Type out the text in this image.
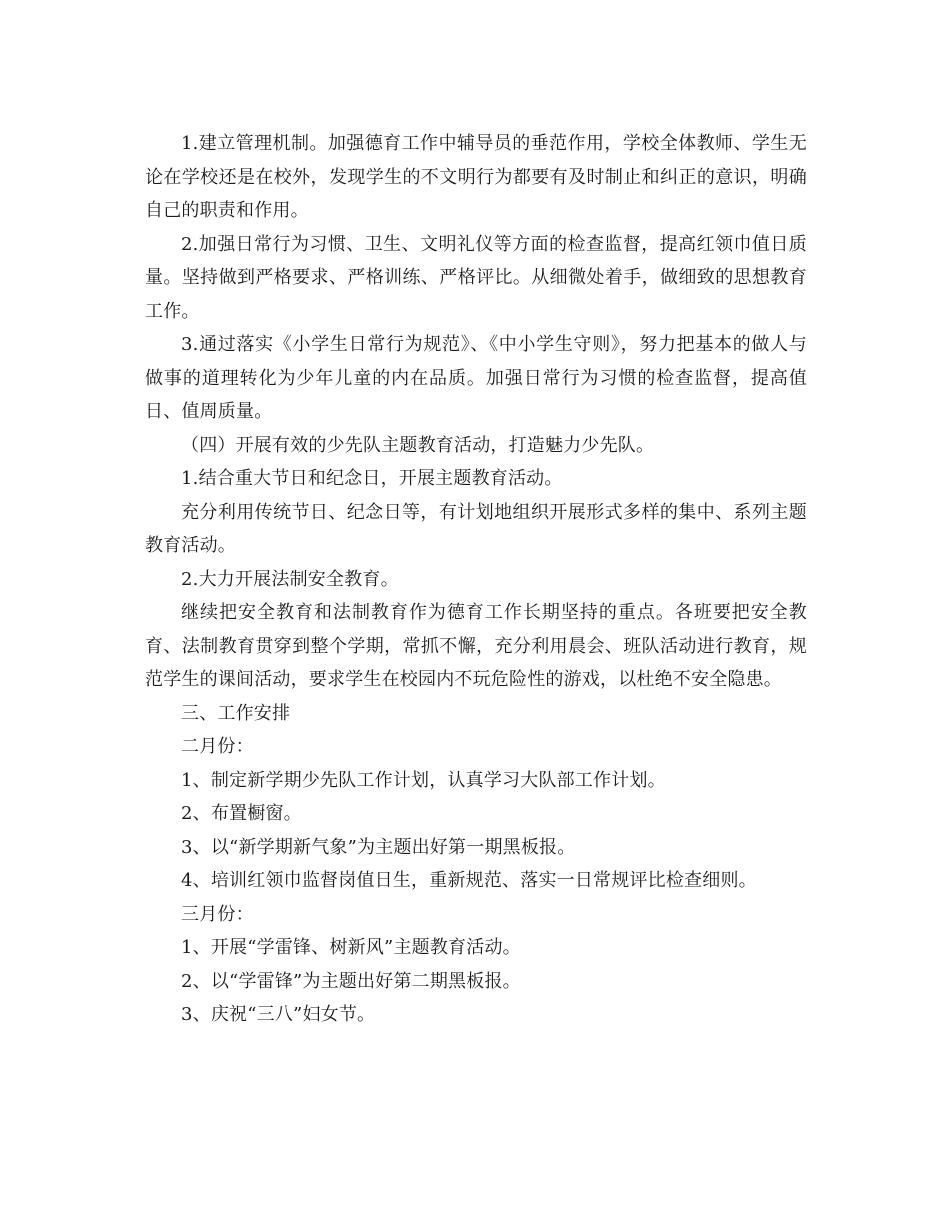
1.建立管理机制。加强德育工作中辅导员的垂范作用，学校全体教师、学生无论在学校还是在校外，发现学生的不文明行为都要有及时制止和纠正的意识，明确自己的职责和作用。

2.加强日常行为习惯、卫生、文明礼仪等方面的检查监督，提高红领巾值日质量。坚持做到严格要求、严格训练、严格评比。从细微处着手，做细致的思想教育工作。

3.通过落实《小学生日常行为规范》、《中小学生守则》，努力把基本的做人与做事的道理转化为少年儿童的内在品质。加强日常行为习惯的检查监督，提高值日、值周质量。

（四）开展有效的少先队主题教育活动，打造魅力少先队。

1.结合重大节日和纪念日，开展主题教育活动。

充分利用传统节日、纪念日等，有计划地组织开展形式多样的集中、系列主题教育活动。

2.大力开展法制安全教育。

继续把安全教育和法制教育作为德育工作长期坚持的重点。各班要把安全教育、法制教育贯穿到整个学期，常抓不懈，充分利用晨会、班队活动进行教育，规范学生的课间活动，要求学生在校园内不玩危险性的游戏，以杜绝不安全隐患。

三、工作安排

二月份：

1、制定新学期少先队工作计划，认真学习大队部工作计划。

2、布置橱窗。

3、以“新学期新气象”为主题出好第一期黑板报。

4、培训红领巾监督岗值日生，重新规范、落实一日常规评比检查细则。

三月份：

1、开展“学雷锋、树新风”主题教育活动。

2、以“学雷锋”为主题出好第二期黑板报。

3、庆祝“三八”妇女节。
